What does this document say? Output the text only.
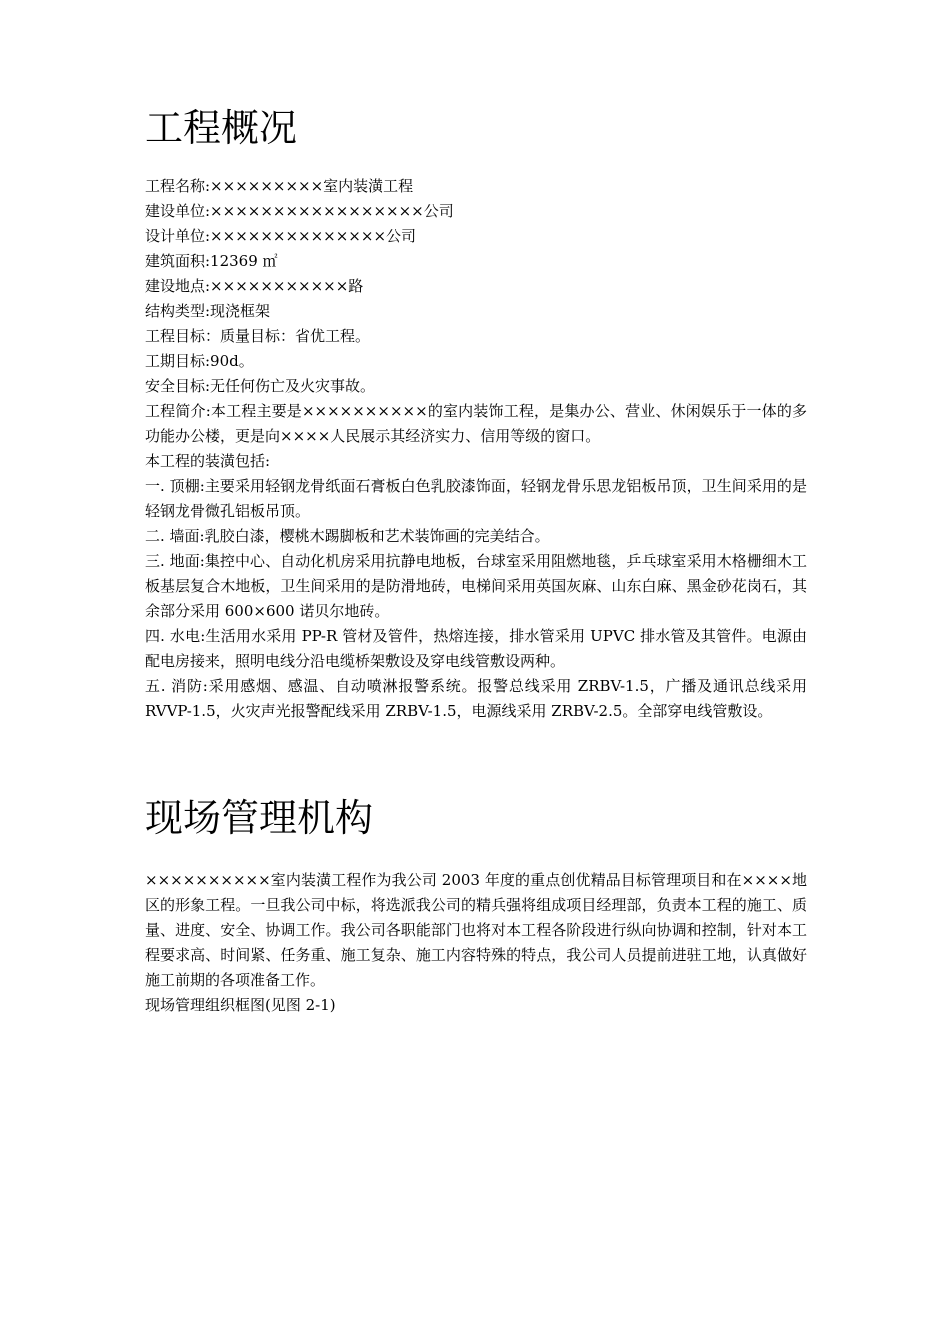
工程概况

工程名称:×××××××××室内装潢工程

建设单位:×××××××××××××××××公司

设计单位:××××××××××××××公司

建筑面积:12369 ㎡

建设地点:×××××××××××路

结构类型:现浇框架

工程目标：质量目标：省优工程。

工期目标:90d。

安全目标:无任何伤亡及火灾事故。

工程简介:本工程主要是××××××××××的室内装饰工程，是集办公、营业、休闲娱乐于一体的多功能办公楼，更是向××××人民展示其经济实力、信用等级的窗口。

本工程的装潢包括:

一. 顶棚:主要采用轻钢龙骨纸面石膏板白色乳胶漆饰面，轻钢龙骨乐思龙铝板吊顶，卫生间采用的是轻钢龙骨微孔铝板吊顶。

二. 墙面:乳胶白漆，樱桃木踢脚板和艺术装饰画的完美结合。

三. 地面:集控中心、自动化机房采用抗静电地板，台球室采用阻燃地毯，乒乓球室采用木格栅细木工板基层复合木地板，卫生间采用的是防滑地砖，电梯间采用英国灰麻、山东白麻、黑金砂花岗石，其余部分采用 600×600 诺贝尔地砖。

四. 水电:生活用水采用 PP-R 管材及管件，热熔连接，排水管采用 UPVC 排水管及其管件。电源由配电房接来，照明电线分沿电缆桥架敷设及穿电线管敷设两种。

五. 消防:采用感烟、感温、自动喷淋报警系统。报警总线采用 ZRBV-1.5，广播及通讯总线采用 RVVP-1.5，火灾声光报警配线采用 ZRBV-1.5，电源线采用 ZRBV-2.5。全部穿电线管敷设。

现场管理机构

××××××××××室内装潢工程作为我公司 2003 年度的重点创优精品目标管理项目和在××××地区的形象工程。一旦我公司中标，将选派我公司的精兵强将组成项目经理部，负责本工程的施工、质量、进度、安全、协调工作。我公司各职能部门也将对本工程各阶段进行纵向协调和控制，针对本工程要求高、时间紧、任务重、施工复杂、施工内容特殊的特点，我公司人员提前进驻工地，认真做好施工前期的各项准备工作。

现场管理组织框图(见图 2-1)
